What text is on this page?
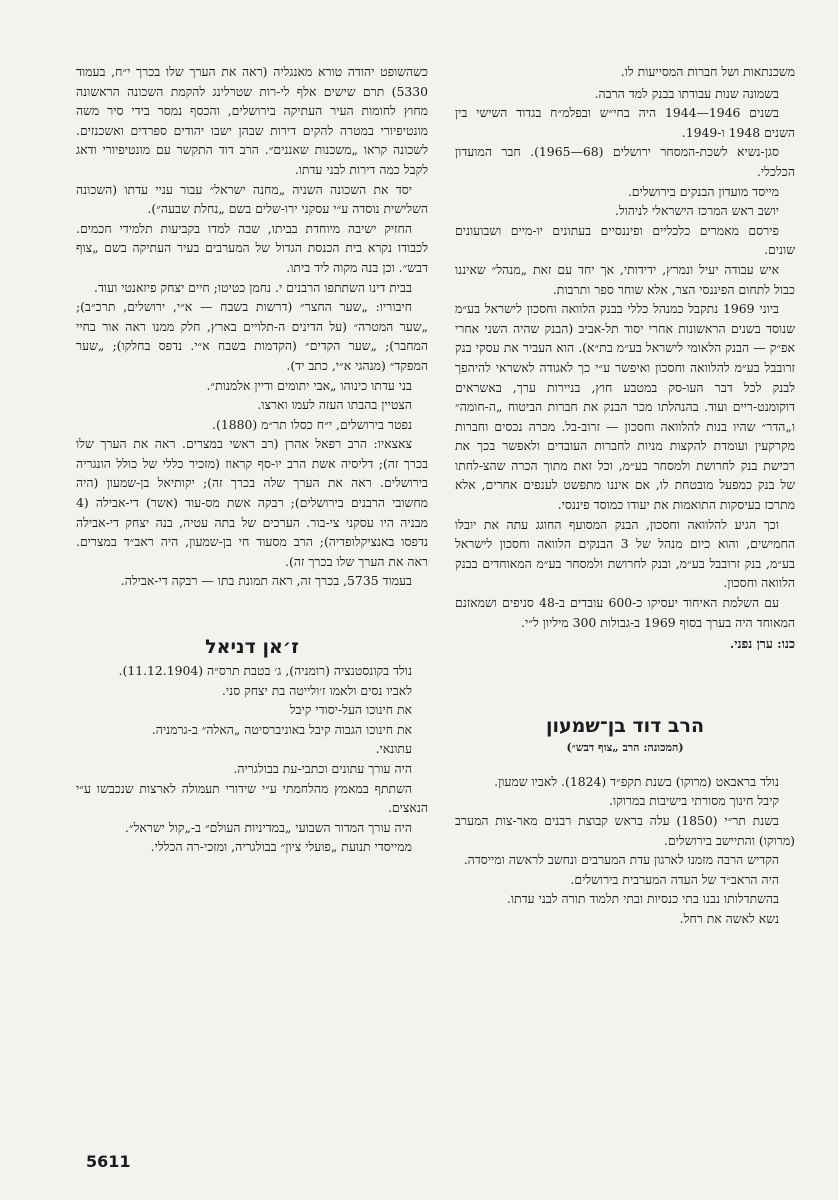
משכנתאות ושל חברות המסייעות לו.

בשמונה שנות עבודתו בבנק למד הרבה.

בשנים 1946—1944 היה בחי״ש ובפלמ״ח בגדוד השישי בין השנים 1948 ו-1949.

סגן-נשיא לשכת-המסחר ירושלים (68—1965). חבר המועדון הכלכלי.

מייסד מועדון הבנקים בירושלים.

יושב ראש המרכז הישראלי לניהול.

פירסם מאמרים כלכליים ופיננסיים בעתונים יו-מיים ושבועונים שונים.

איש עבודה יעיל ונמרץ, ידידותי, אך יחד עם זאת „מנהל״ שאיננו כבול לתחום הפיננסי הצר, אלא שוחר ספר ותרבות.

ביוני 1969 נתקבל כמנהל כללי בבנק הלוואה וחסכון לישראל בע״מ שנוסד בשנים הראשונות אחרי יסוד תל-אביב (הבנק שהיה השני אחרי אפ״ק — הבנק הלאומי לישראל בע״מ בת״א). הוא העביר את עסקי בנק זרובבל בע״מ להלוואה וחסכון ואיפשר ע״י כך לאגודה לאשראי להיהפך לבנק לכל דבר העו-סק במטבע חוץ, בניירות ערך, באשראים דוקומנט-ריים ועוד. בהנהלתו מכר הבנק את חברות הביטוח „ה-חומה״ ו„הדר״ שהיו בנות להלוואה וחסכון — זרוב-בל. מכרה נכסים וחברות מקרקעין ועומדת להקצות מניות לחברות העובדים ולאפשר בכך את רכישת בנק לחרושת ולמסחר בע״מ, וכל זאת מתוך הכרה שהצ-לחתו של בנק כמפעל מובטחת לו, אם איננו מתפשט לענפים אחרים, אלא מתרכז בעיסקות התואמות את יעודו כמוסד פיננסי.

וכך הגיע להלוואה וחסכון, הבנק המסועף החוגג עתה את יובלו החמישים, והוא כיום מנהל של 3 הבנקים הלוואה וחסכון לישראל בע״מ, בנק זרובבל בע״מ, ובנק לחרושת ולמסחר בע״מ המאוחדים בבנק הלוואה וחסכון.

עם השלמת האיחוד יעסיקו כ-600 עובדים ב-48 סניפים ושמאזנם המאוחד היה בערך בסוף 1969 ב-גבולות 300 מיליון ל״י.

כנו: ערן נפני.
הרב דוד בן־שמעון
(המכונה: הרב „צוף דבש״)

נולד בראבאט (מרוקו) בשנת תקפ״ד (1824). לאביו שמעון.

קיבל חינוך מסורתי בישיבות במרוקו.

בשנת תר״י (1850) עלה בראש קבוצת רבנים מאר-צות המערב (מרוקו) והתיישב בירושלים.

הקדיש הרבה מזמנו לארגון עדת המערבים ונחשב לראשה ומייסדה.

היה הראב״ד של העדה המערבית בירושלים.

בהשתדלותו נבנו בתי כנסיות ובתי תלמוד תורה לבני עדתו.

נשא לאשה את רחל.

כשהשופט יהודה טורא מאנגליה (ראה את הערך שלו בכרך י״ח, בעמוד 5330) תרם שישים אלף לי-רות שטרלינג להקמת השכונה הראשונה מחוץ לחומות העיר העתיקה בירושלים, והכסף נמסר בידי סיר משה מונטיפיורי במטרה להקים דירות שבהן ישבו יהודים ספרדים ואשכנזים. לשכונה קראו „משכנות שאננים״. הרב דוד התקשר עם מונטיפיורי ודאג לקבל כמה דירות לבני עדתו.

יסד את השכונה השניה „מחנה ישראל״ עבור עניי עדתו (השכונה השלישית נוסדה ע״י עסקני ירו-שלים בשם „נחלת שבעה״).

החזיק ישיבה מיוחדת בביתו, שבה למדו בקביעות תלמידי חכמים. לכבודו נקרא בית הכנסת הגדול של המערבים בעיר העתיקה בשם „צוף דבש״. וכן בנה מקוה ליד ביתו.

בבית דינו השתתפו הרבנים י. נחמן כטיטו; חיים יצחק פיזאנטי ועוד.

חיבוריו: „שער החצר״ (דרשות בשבח — א״י, ירושלים, תרכ״ב); „שער המטרה״ (על הדינים ה-תלויים בארץ, חלק ממנו ראה אור בחיי המחבר); „שער הקדים״ (הקדמות בשבח א״י. נדפס בחלקו); „שער המפקד״ (מנהגי א״י, כתב יד).

בני עדתו כינוהו „אבי יתומים ודיין אלמנות״.

הצטיין בהבתו העזה לעמו וארצו.

נפטר בירושלים, י״ח כסלו תר״מ (1880).

צאצאיו: הרב רפאל אהרן (רב ראשי במצרים. ראה את הערך שלו בכרך זה); דליסיה אשת הרב יו-סף קראוז (מזכיר כללי של כולל הונגריה בירושלים. ראה את הערך שלה בכרך זה); יקותיאל בן-שמעון (היה מחשובי הרבנים בירושלים); רבקה אשת מס-עוד (אשר) די-אבילה (4 מבניה היו עסקני צי-בור. הערכים של בתה עטיה, בנה יצחק די-אבילה נדפסו באנציקלופדיה); הרב מסעוד חי בן-שמעון, היה ראב״ד במצרים. ראה את הערך שלו בכרך זה).

בעמוד 5735, בכרך זה, ראה תמונת בתו — רבקה די-אבילה.

ז׳אן דניאל

נולד בקונסטנציה (רומניה), ג׳ בטבת תרס״ה (11.12.1904).

לאביו נסים ולאמו ז׳ולייטה בת יצחק סני.

את חינוכו העל-יסודי קיבל

את חינוכו הגבוה קיבל באוניברסיטה „האלה״ ב-גרמניה.

עתונאי.

היה עורך עתונים וכתבי-עת בבולגריה.

השתתף במאמץ מהלחמתי ע״י שידורי תעמולה לארצות שנכבשו ע״י הנאצים.

היה עורך המדור השבועי „במדיניות העולם״ ב-„קול ישראל״.

ממייסדי תנועת „פועלי ציון״ בבולגריה, ומזכי-רה הכללי.

5611
